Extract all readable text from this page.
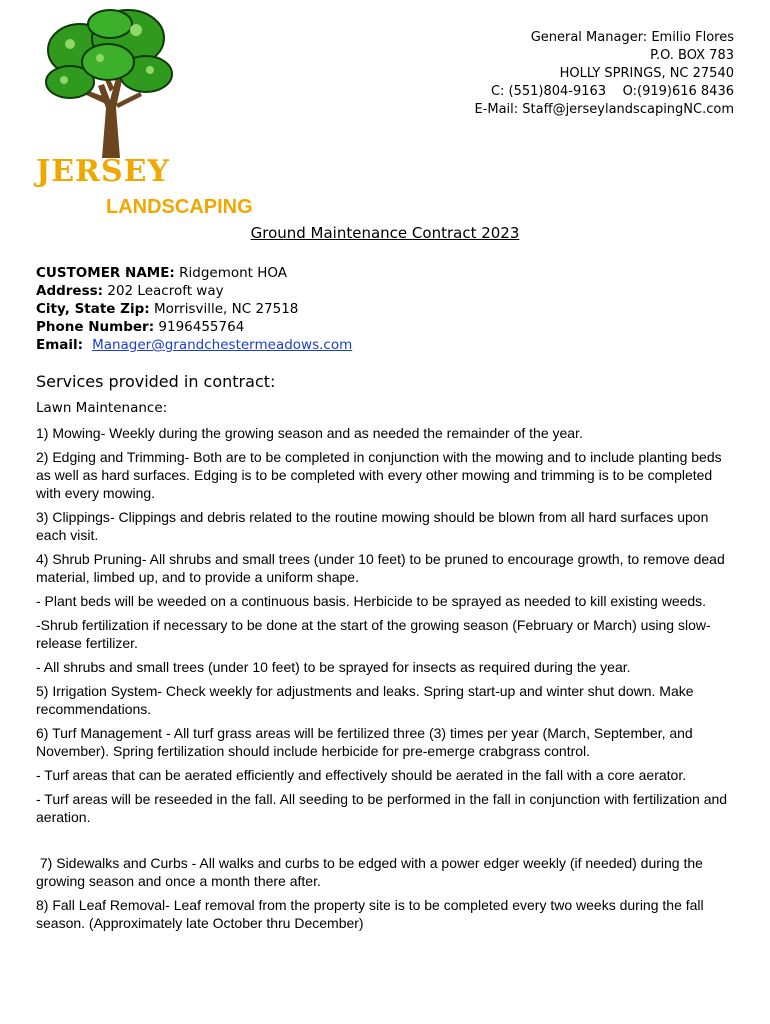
JERSEY
LANDSCAPING
General Manager: Emilio Flores
P.O. BOX 783
HOLLY SPRINGS, NC 27540
C: (551)804-9163    O:(919)616 8436
E-Mail: Staff@jerseylandscapingNC.com
Ground Maintenance Contract 2023
CUSTOMER NAME: Ridgemont HOA
Address: 202 Leacroft way
City, State Zip: Morrisville, NC 27518
Phone Number: 9196455764
Email:  Manager@grandchestermeadows.com
Services provided in contract:
Lawn Maintenance:

1) Mowing- Weekly during the growing season and as needed the remainder of the year.

2) Edging and Trimming- Both are to be completed in conjunction with the mowing and to include planting beds as well as hard surfaces. Edging is to be completed with every other mowing and trimming is to be completed with every mowing.

3) Clippings- Clippings and debris related to the routine mowing should be blown from all hard surfaces upon each visit.

4) Shrub Pruning- All shrubs and small trees (under 10 feet) to be pruned to encourage growth, to remove dead material, limbed up, and to provide a uniform shape.

- Plant beds will be weeded on a continuous basis. Herbicide to be sprayed as needed to kill existing weeds.

-Shrub fertilization if necessary to be done at the start of the growing season (February or March) using slow-release fertilizer.

- All shrubs and small trees (under 10 feet) to be sprayed for insects as required during the year.

5) Irrigation System- Check weekly for adjustments and leaks. Spring start-up and winter shut down. Make recommendations.

6) Turf Management - All turf grass areas will be fertilized three (3) times per year (March, September, and November). Spring fertilization should include herbicide for pre-emerge crabgrass control.

- Turf areas that can be aerated efficiently and effectively should be aerated in the fall with a core aerator.

- Turf areas will be reseeded in the fall. All seeding to be performed in the fall in conjunction with fertilization and aeration.

7) Sidewalks and Curbs - All walks and curbs to be edged with a power edger weekly (if needed) during the growing season and once a month there after.

8) Fall Leaf Removal- Leaf removal from the property site is to be completed every two weeks during the fall season. (Approximately late October thru December)
